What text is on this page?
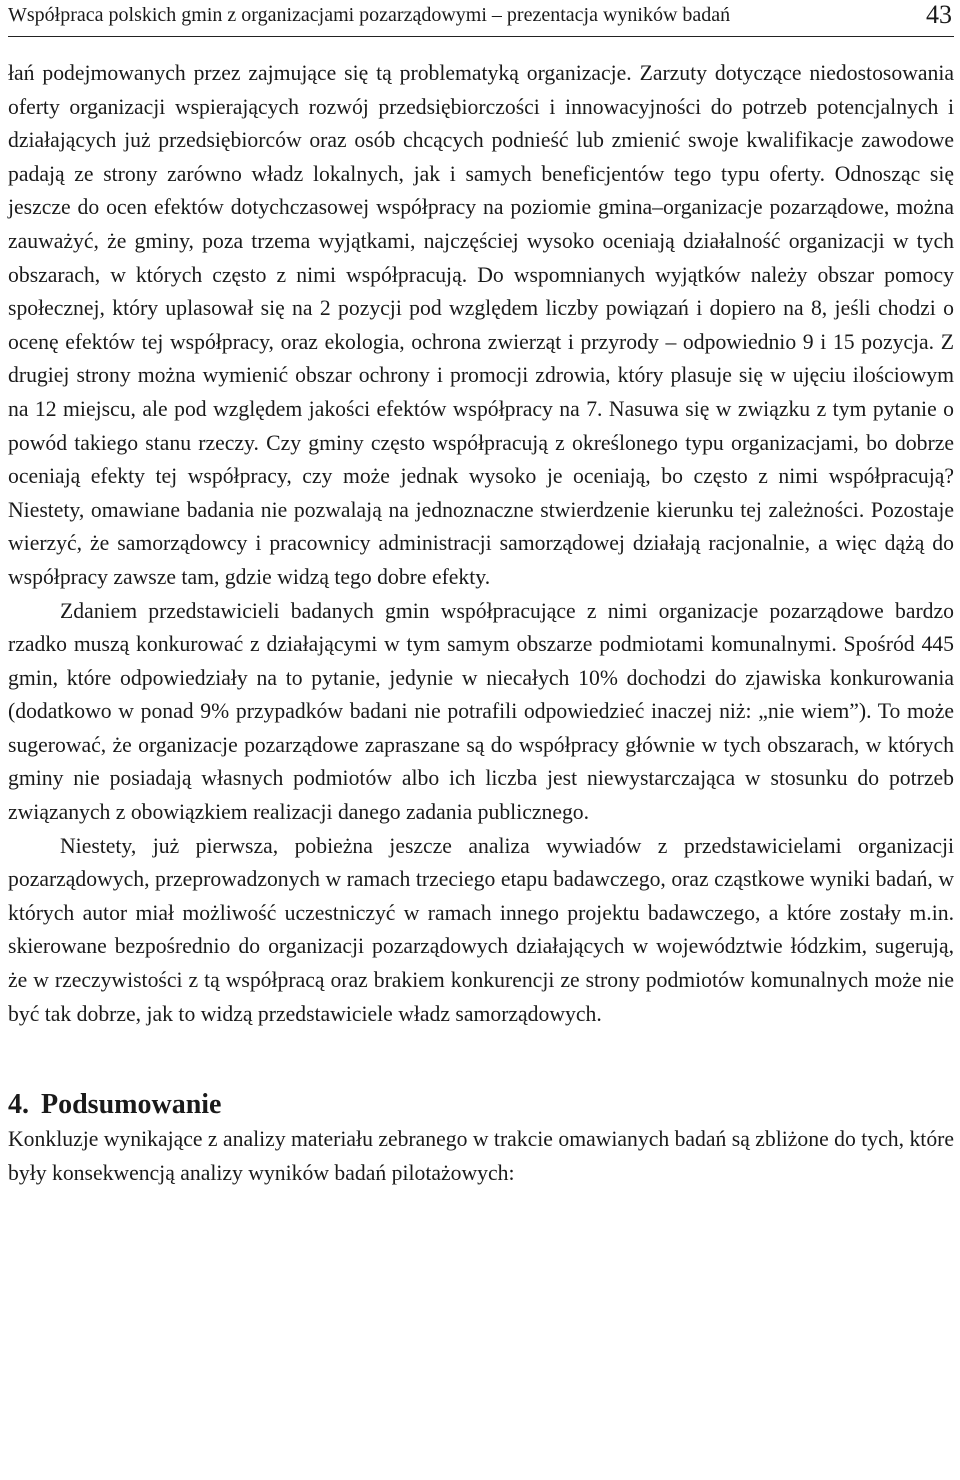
Współpraca polskich gmin z organizacjami pozarządowymi – prezentacja wyników badań	43

łań podejmowanych przez zajmujące się tą problematyką organizacje. Zarzuty dotyczące niedostosowania oferty organizacji wspierających rozwój przedsiębiorczości i innowacyjności do potrzeb potencjalnych i działających już przedsiębiorców oraz osób chcących podnieść lub zmienić swoje kwalifikacje zawodowe padają ze strony zarówno władz lokalnych, jak i samych beneficjentów tego typu oferty. Odnosząc się jeszcze do ocen efektów dotychczasowej współpracy na poziomie gmina–organizacje pozarządowe, można zauważyć, że gminy, poza trzema wyjątkami, najczęściej wysoko oceniają działalność organizacji w tych obszarach, w których często z nimi współpracują. Do wspomnianych wyjątków należy obszar pomocy społecznej, który uplasował się na 2 pozycji pod względem liczby powiązań i dopiero na 8, jeśli chodzi o ocenę efektów tej współpracy, oraz ekologia, ochrona zwierząt i przyrody – odpowiednio 9 i 15 pozycja. Z drugiej strony można wymienić obszar ochrony i promocji zdrowia, który plasuje się w ujęciu ilościowym na 12 miejscu, ale pod względem jakości efektów współpracy na 7. Nasuwa się w związku z tym pytanie o powód takiego stanu rzeczy. Czy gminy często współpracują z określonego typu organizacjami, bo dobrze oceniają efekty tej współpracy, czy może jednak wysoko je oceniają, bo często z nimi współpracują? Niestety, omawiane badania nie pozwalają na jednoznaczne stwierdzenie kierunku tej zależności. Pozostaje wierzyć, że samorządowcy i pracownicy administracji samorządowej działają racjonalnie, a więc dążą do współpracy zawsze tam, gdzie widzą tego dobre efekty.

Zdaniem przedstawicieli badanych gmin współpracujące z nimi organizacje pozarządowe bardzo rzadko muszą konkurować z działającymi w tym samym obszarze podmiotami komunalnymi. Spośród 445 gmin, które odpowiedziały na to pytanie, jedynie w niecałych 10% dochodzi do zjawiska konkurowania (dodatkowo w ponad 9% przypadków badani nie potrafili odpowiedzieć inaczej niż: „nie wiem”). To może sugerować, że organizacje pozarządowe zapraszane są do współpracy głównie w tych obszarach, w których gminy nie posiadają własnych podmiotów albo ich liczba jest niewystarczająca w stosunku do potrzeb związanych z obowiązkiem realizacji danego zadania publicznego.

Niestety, już pierwsza, pobieżna jeszcze analiza wywiadów z przedstawicielami organizacji pozarządowych, przeprowadzonych w ramach trzeciego etapu badawczego, oraz cząstkowe wyniki badań, w których autor miał możliwość uczestniczyć w ramach innego projektu badawczego, a które zostały m.in. skierowane bezpośrednio do organizacji pozarządowych działających w województwie łódzkim, sugerują, że w rzeczywistości z tą współpracą oraz brakiem konkurencji ze strony podmiotów komunalnych może nie być tak dobrze, jak to widzą przedstawiciele władz samorządowych.

4. Podsumowanie

Konkluzje wynikające z analizy materiału zebranego w trakcie omawianych badań są zbliżone do tych, które były konsekwencją analizy wyników badań pilotażowych:
